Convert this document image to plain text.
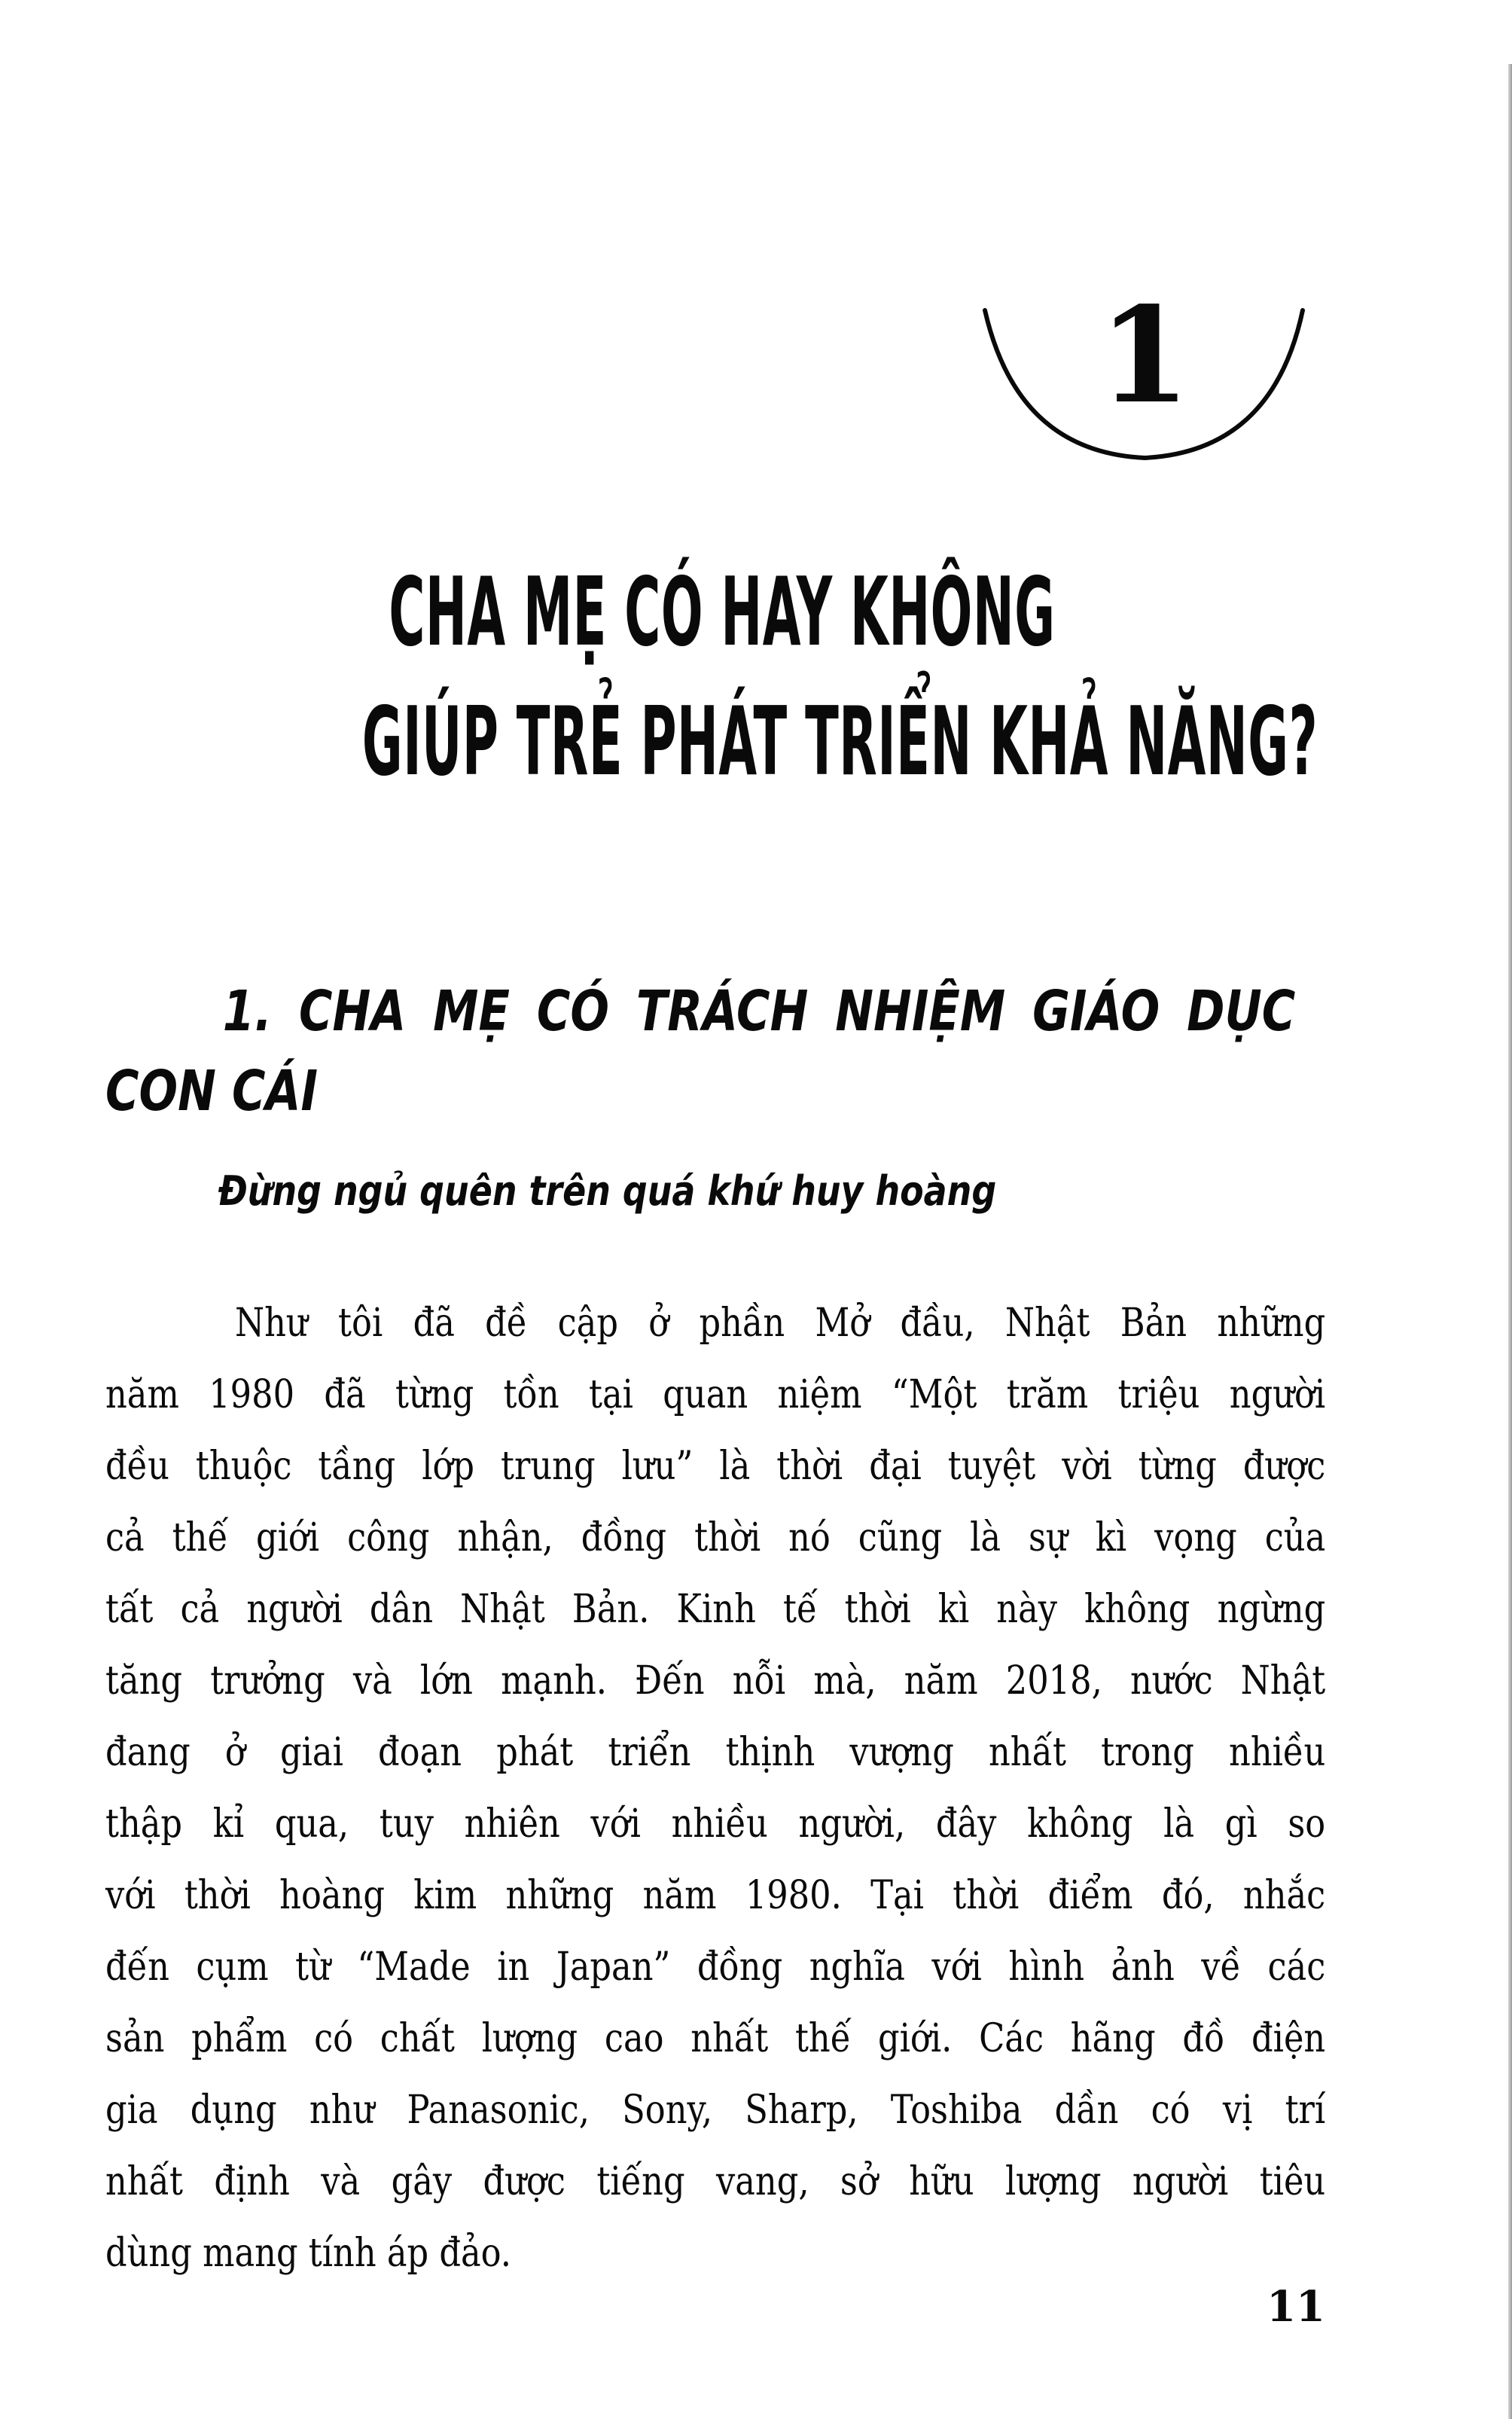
1
CHA MẸ CÓ HAY KHÔNG
GIÚP TRẺ PHÁT TRIỂN KHẢ NĂNG?
1. CHA MẸ CÓ TRÁCH NHIỆM GIÁO DỤC
CON CÁI
Đừng ngủ quên trên quá khứ huy hoàng
Như tôi đã đề cập ở phần Mở đầu, Nhật Bản những
năm 1980 đã từng tồn tại quan niệm “Một trăm triệu người
đều thuộc tầng lớp trung lưu” là thời đại tuyệt vời từng được
cả thế giới công nhận, đồng thời nó cũng là sự kì vọng của
tất cả người dân Nhật Bản. Kinh tế thời kì này không ngừng
tăng trưởng và lớn mạnh. Đến nỗi mà, năm 2018, nước Nhật
đang ở giai đoạn phát triển thịnh vượng nhất trong nhiều
thập kỉ qua, tuy nhiên với nhiều người, đây không là gì so
với thời hoàng kim những năm 1980. Tại thời điểm đó, nhắc
đến cụm từ “Made in Japan” đồng nghĩa với hình ảnh về các
sản phẩm có chất lượng cao nhất thế giới. Các hãng đồ điện
gia dụng như Panasonic, Sony, Sharp, Toshiba dần có vị trí
nhất định và gây được tiếng vang, sở hữu lượng người tiêu
dùng mang tính áp đảo.
11
